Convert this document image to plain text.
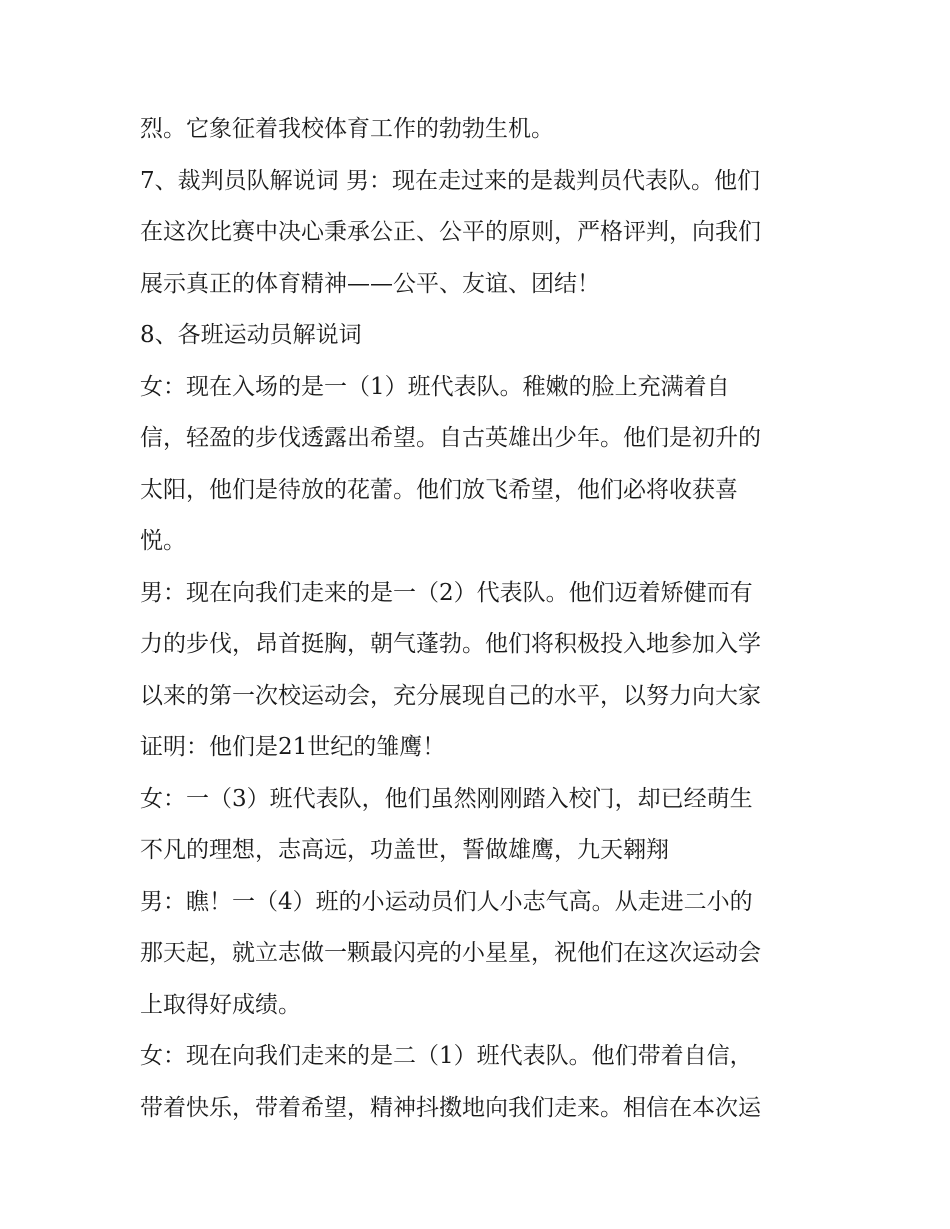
烈。它象征着我校体育工作的勃勃生机。
7、裁判员队解说词 男：现在走过来的是裁判员代表队。他们
在这次比赛中决心秉承公正、公平的原则，严格评判，向我们
展示真正的体育精神——公平、友谊、团结！
8、各班运动员解说词
女：现在入场的是一（1）班代表队。稚嫩的脸上充满着自
信，轻盈的步伐透露出希望。自古英雄出少年。他们是初升的
太阳，他们是待放的花蕾。他们放飞希望，他们必将收获喜
悦。
男：现在向我们走来的是一（2）代表队。他们迈着矫健而有
力的步伐，昂首挺胸，朝气蓬勃。他们将积极投入地参加入学
以来的第一次校运动会，充分展现自己的水平，以努力向大家
证明：他们是21世纪的雏鹰！
女：一（3）班代表队，他们虽然刚刚踏入校门，却已经萌生
不凡的理想，志高远，功盖世，誓做雄鹰，九天翱翔
男：瞧！一（4）班的小运动员们人小志气高。从走进二小的
那天起，就立志做一颗最闪亮的小星星，祝他们在这次运动会
上取得好成绩。
女：现在向我们走来的是二（1）班代表队。他们带着自信，
带着快乐，带着希望，精神抖擞地向我们走来。相信在本次运
